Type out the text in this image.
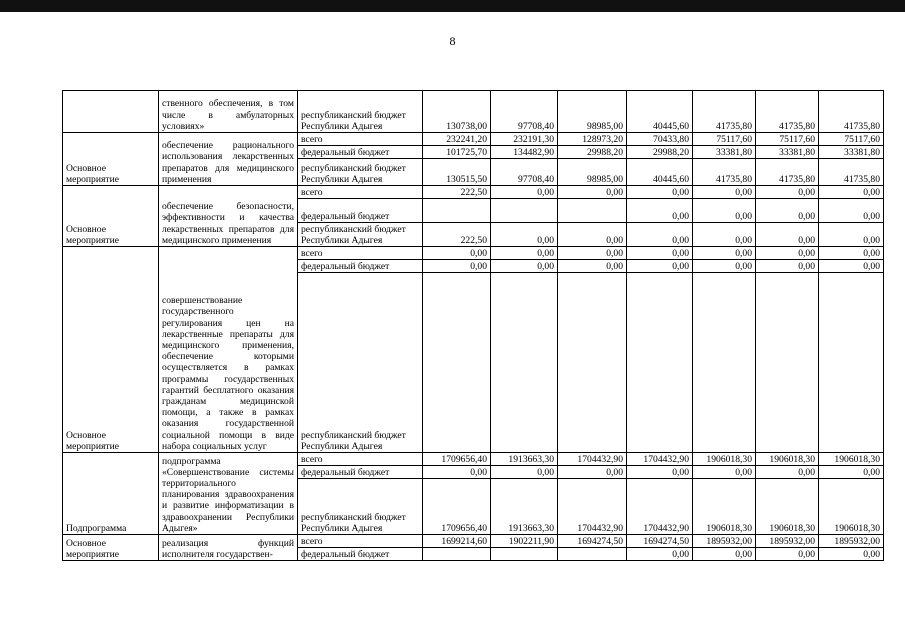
8
	ственного обеспечения, в том числе в амбулаторных условиях»	республиканский бюджет Республики Адыгея	130738,00	97708,40	98985,00	40445,60	41735,80	41735,80	41735,80
Основное мероприятие	обеспечение рационального использования лекарственных препаратов для медицинского применения	всего	232241,20	232191,30	128973,20	70433,80	75117,60	75117,60	75117,60
		федеральный бюджет	101725,70	134482,90	29988,20	29988,20	33381,80	33381,80	33381,80
		республиканский бюджет Республики Адыгея	130515,50	97708,40	98985,00	40445,60	41735,80	41735,80	41735,80
Основное мероприятие	обеспечение безопасности, эффективности и качества лекарственных препаратов для медицинского применения	всего	222,50	0,00	0,00	0,00	0,00	0,00	0,00
		федеральный бюджет				0,00	0,00	0,00	0,00
		республиканский бюджет Республики Адыгея	222,50	0,00	0,00	0,00	0,00	0,00	0,00
Основное мероприятие	совершенствование государственного регулирования цен на лекарственные препараты для медицинского применения, обеспечение которыми осуществляется в рамках программы государственных гарантий бесплатного оказания гражданам медицинской помощи, а также в рамках оказания государственной социальной помощи в виде набора социальных услуг	всего	0,00	0,00	0,00	0,00	0,00	0,00	0,00
		федеральный бюджет	0,00	0,00	0,00	0,00	0,00	0,00	0,00
		республиканский бюджет Республики Адыгея							
Подпрограмма	подпрограмма «Совершенствование системы территориального планирования здравоохранения и развитие информатизации в здравоохранении Республики Адыгея»	всего	1709656,40	1913663,30	1704432,90	1704432,90	1906018,30	1906018,30	1906018,30
		федеральный бюджет	0,00	0,00	0,00	0,00	0,00	0,00	0,00
		республиканский бюджет Республики Адыгея	1709656,40	1913663,30	1704432,90	1704432,90	1906018,30	1906018,30	1906018,30
Основное мероприятие	реализация функций исполнителя государствен-	всего	1699214,60	1902211,90	1694274,50	1694274,50	1895932,00	1895932,00	1895932,00
		федеральный бюджет				0,00	0,00	0,00	0,00
